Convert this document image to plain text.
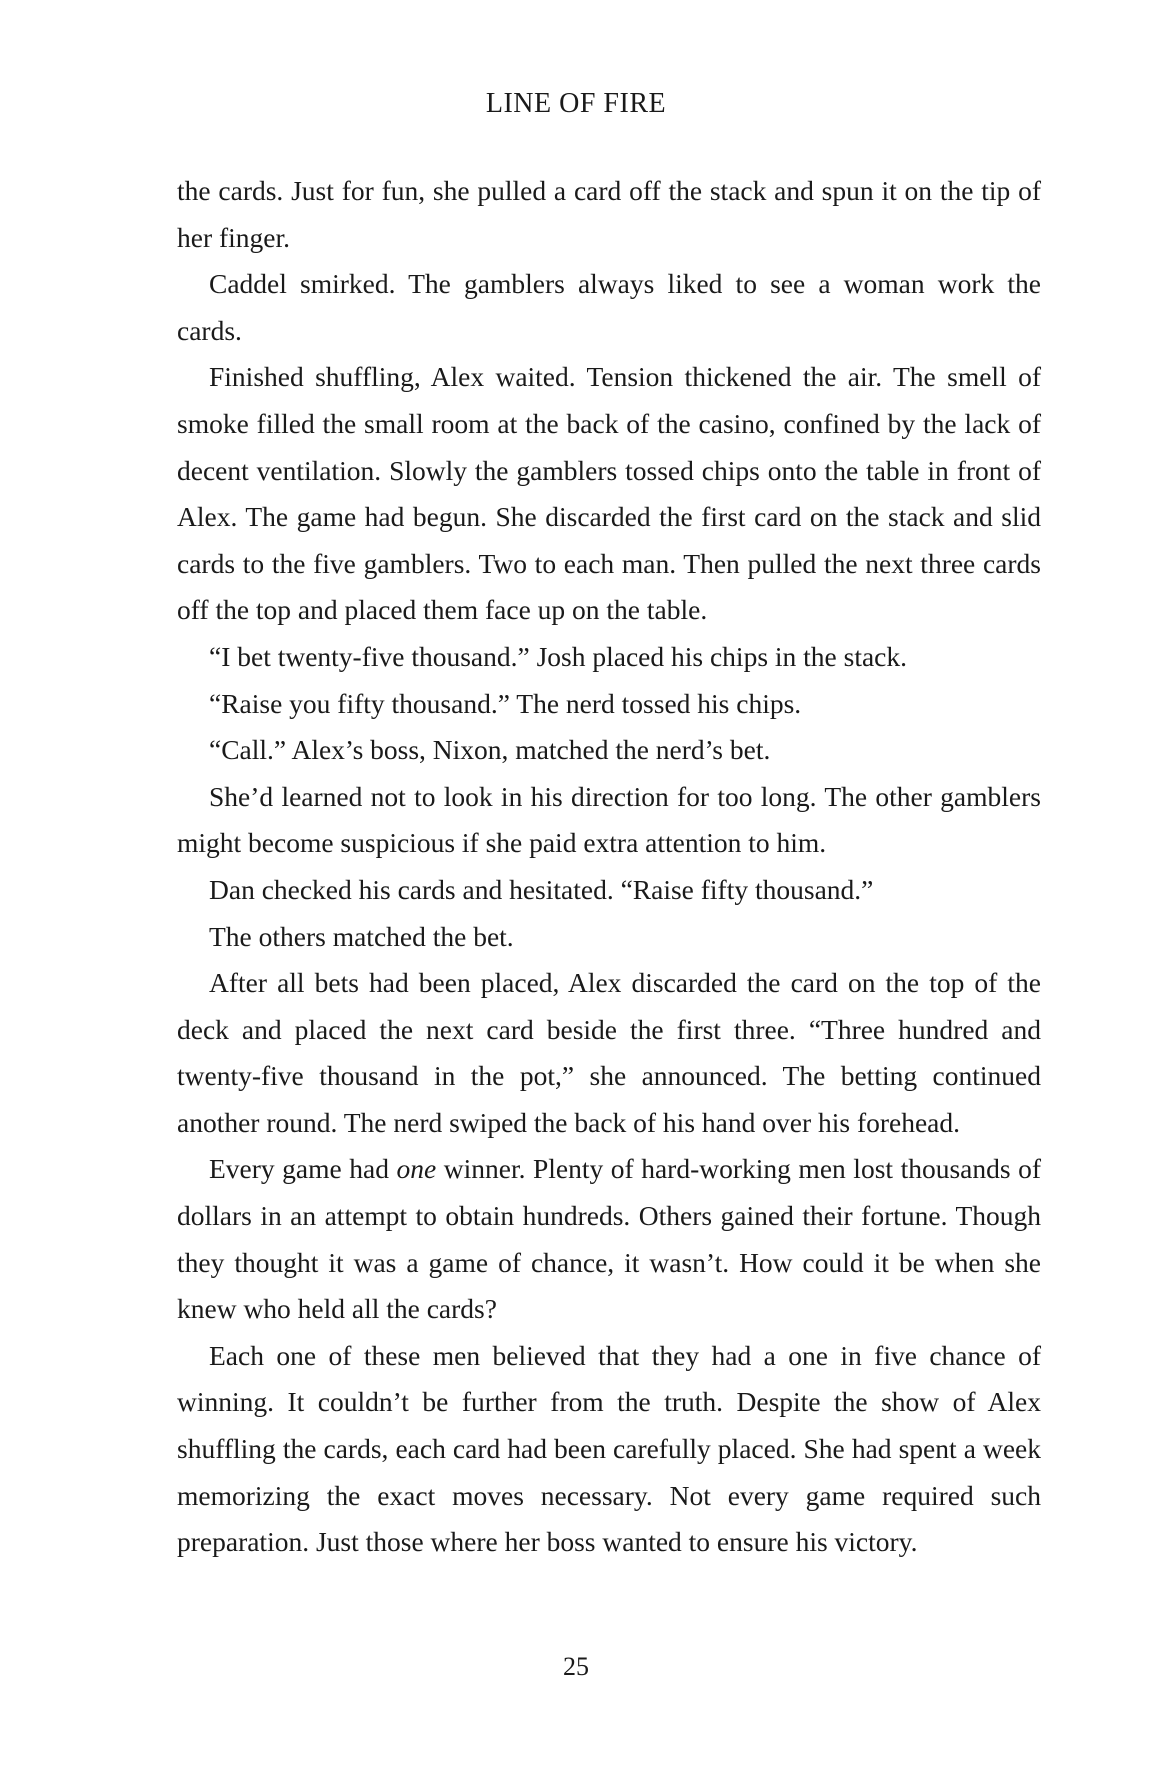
LINE OF FIRE

the cards. Just for fun, she pulled a card off the stack and spun it on the tip of her finger.

Caddel smirked. The gamblers always liked to see a woman work the cards.

Finished shuffling, Alex waited. Tension thickened the air. The smell of smoke filled the small room at the back of the casino, confined by the lack of decent ventilation. Slowly the gamblers tossed chips onto the table in front of Alex. The game had begun. She discarded the first card on the stack and slid cards to the five gamblers. Two to each man. Then pulled the next three cards off the top and placed them face up on the table.

“I bet twenty-five thousand.” Josh placed his chips in the stack.

“Raise you fifty thousand.” The nerd tossed his chips.

“Call.” Alex’s boss, Nixon, matched the nerd’s bet.

She’d learned not to look in his direction for too long. The other gamblers might become suspicious if she paid extra attention to him.

Dan checked his cards and hesitated. “Raise fifty thousand.”

The others matched the bet.

After all bets had been placed, Alex discarded the card on the top of the deck and placed the next card beside the first three. “Three hundred and twenty-five thousand in the pot,” she announced. The betting continued another round. The nerd swiped the back of his hand over his forehead.

Every game had one winner. Plenty of hard-working men lost thousands of dollars in an attempt to obtain hundreds. Others gained their fortune. Though they thought it was a game of chance, it wasn’t. How could it be when she knew who held all the cards?

Each one of these men believed that they had a one in five chance of winning. It couldn’t be further from the truth. Despite the show of Alex shuffling the cards, each card had been carefully placed. She had spent a week memorizing the exact moves necessary. Not every game required such preparation. Just those where her boss wanted to ensure his victory.

25
